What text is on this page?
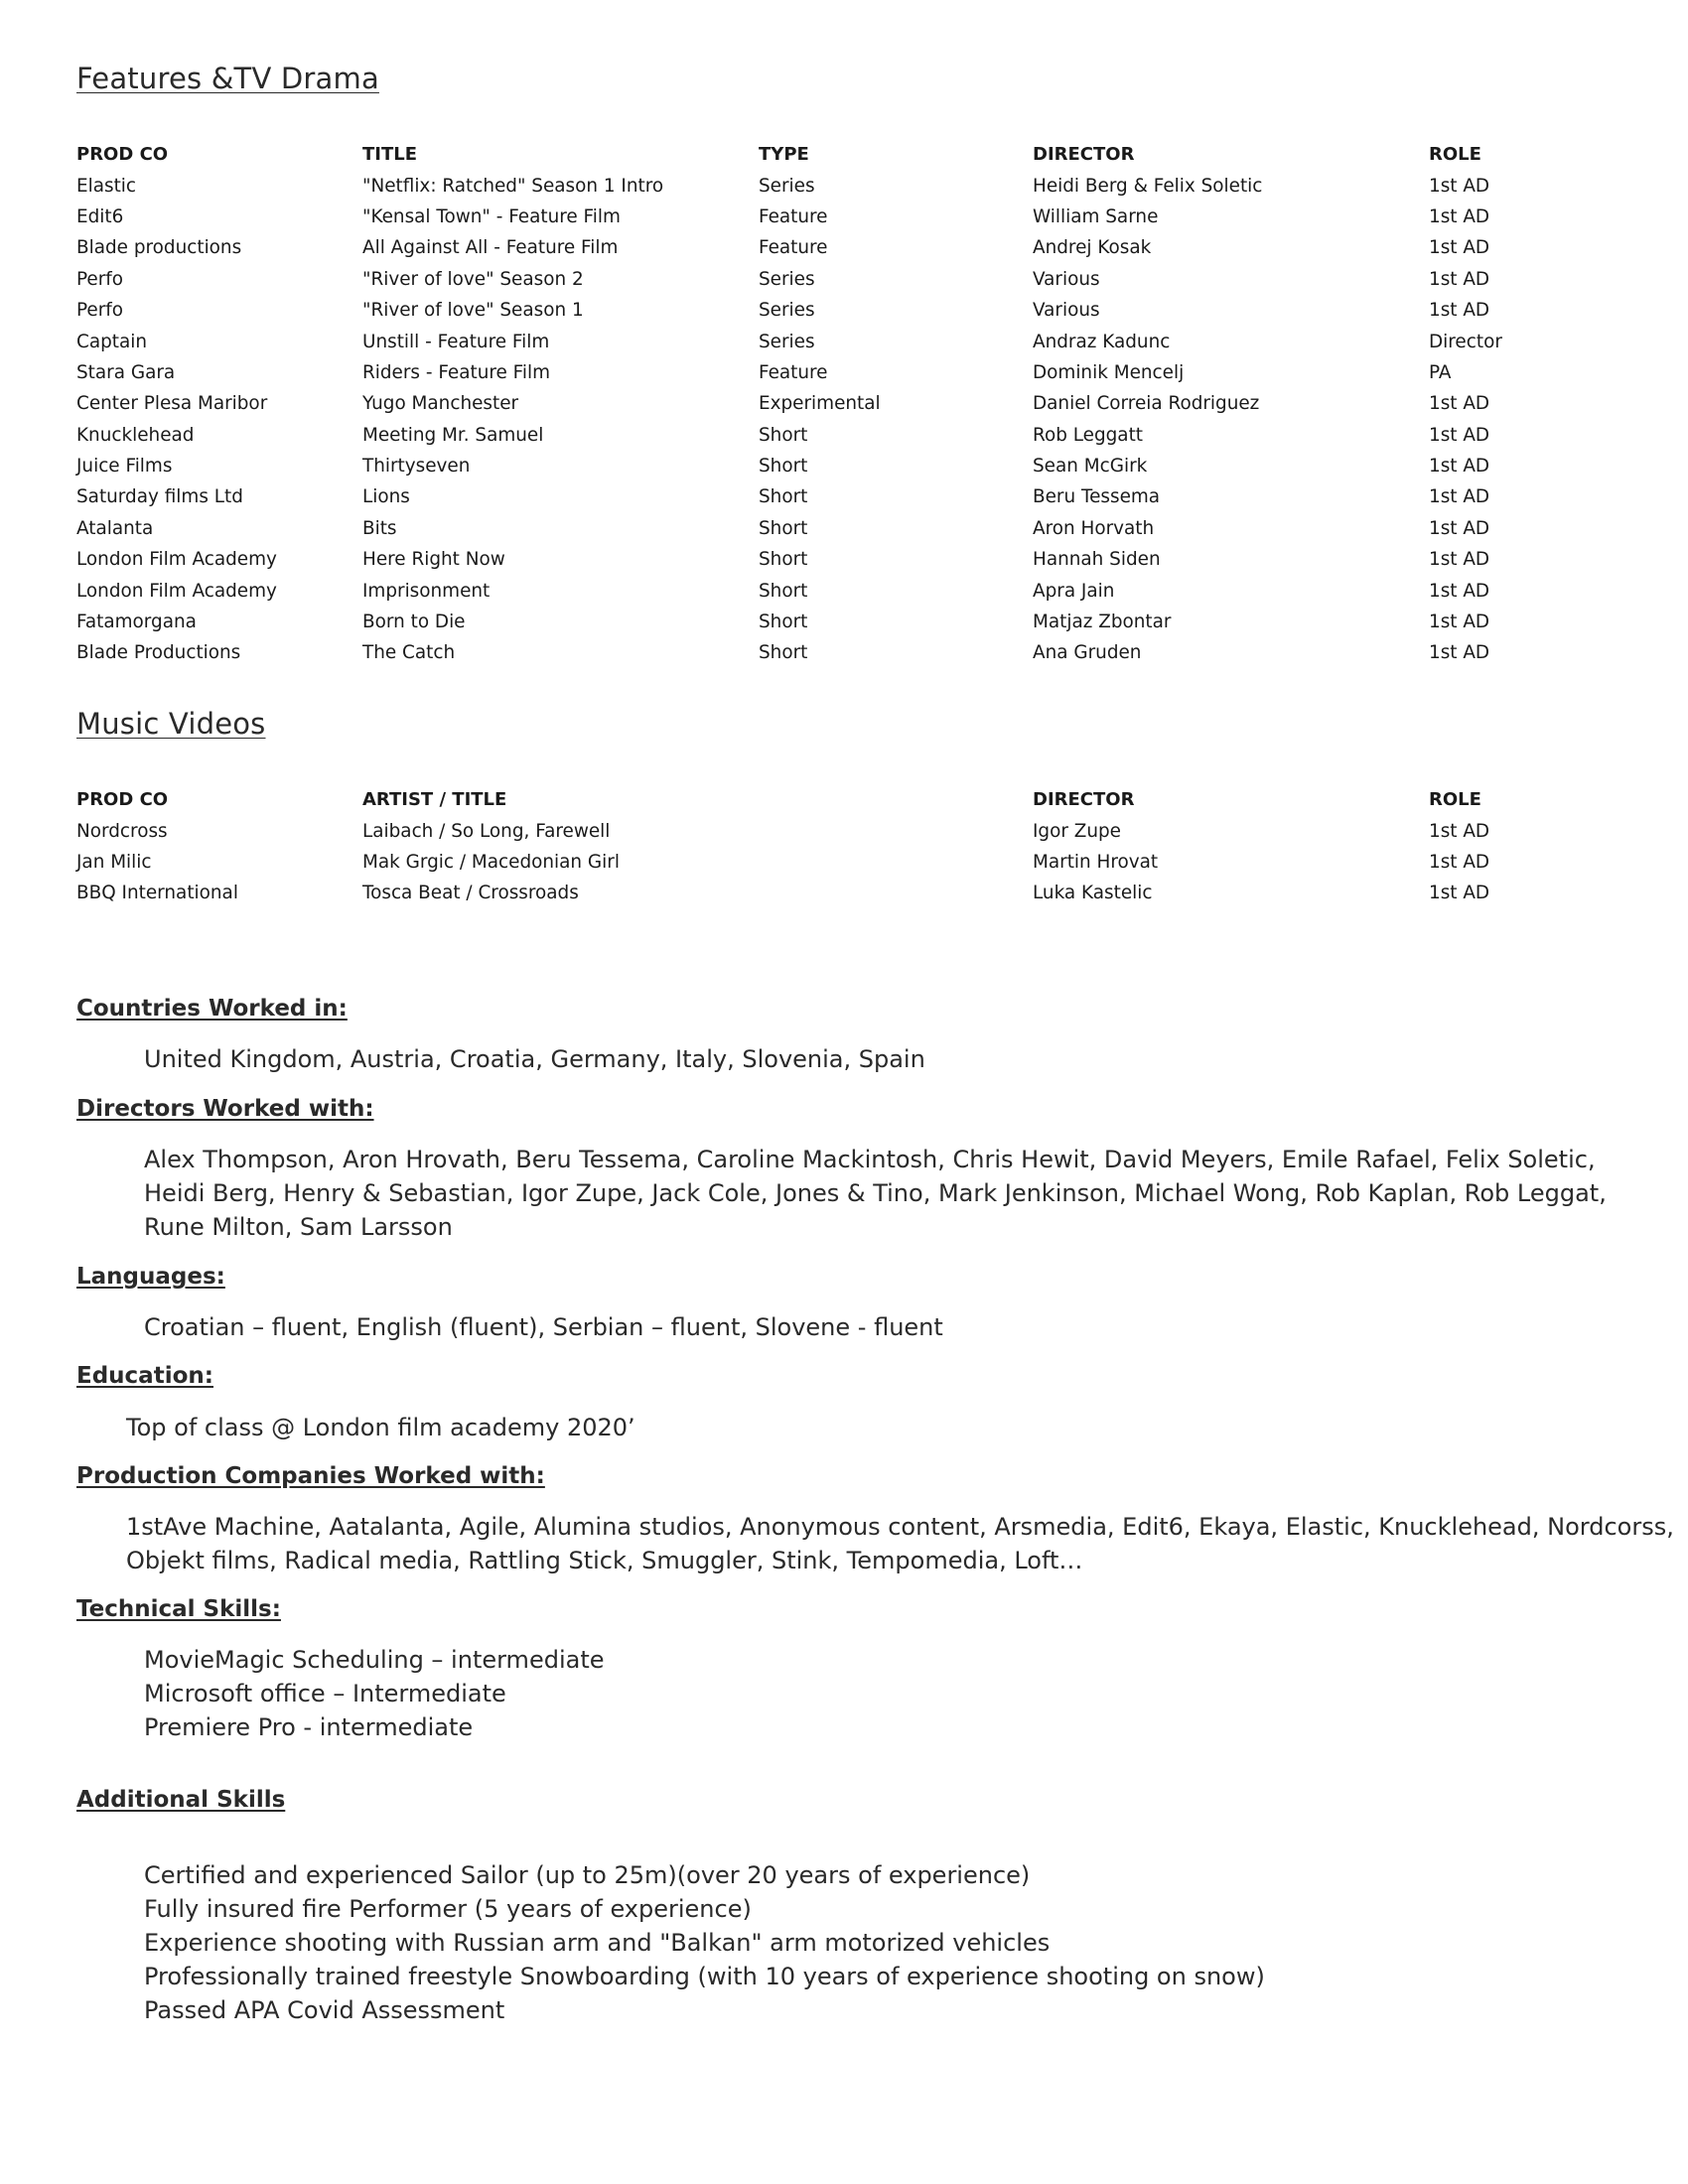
Features &TV Drama
PROD CO	TITLE	TYPE	DIRECTOR	ROLE
Elastic	"Netflix: Ratched" Season 1 Intro	Series	Heidi Berg & Felix Soletic	1st AD
Edit6	"Kensal Town" - Feature Film	Feature	William Sarne	1st AD
Blade productions	All Against All - Feature Film	Feature	Andrej Kosak	1st AD
Perfo	"River of love" Season 2	Series	Various	1st AD
Perfo	"River of love" Season 1	Series	Various	1st AD
Captain	Unstill - Feature Film	Series	Andraz Kadunc	Director
Stara Gara	Riders - Feature Film	Feature	Dominik Mencelj	PA
Center Plesa Maribor	Yugo Manchester	Experimental	Daniel Correia Rodriguez	1st AD
Knucklehead	Meeting Mr. Samuel	Short	Rob Leggatt	1st AD
Juice Films	Thirtyseven	Short	Sean McGirk	1st AD
Saturday films Ltd	Lions	Short	Beru Tessema	1st AD
Atalanta	Bits	Short	Aron Horvath	1st AD
London Film Academy	Here Right Now	Short	Hannah Siden	1st AD
London Film Academy	Imprisonment	Short	Apra Jain	1st AD
Fatamorgana	Born to Die	Short	Matjaz Zbontar	1st AD
Blade Productions	The Catch	Short	Ana Gruden	1st AD
Music Videos
PROD CO	ARTIST / TITLE		DIRECTOR	ROLE
Nordcross	Laibach / So Long, Farewell		Igor Zupe	1st AD
Jan Milic	Mak Grgic / Macedonian Girl		Martin Hrovat	1st AD
BBQ International	Tosca Beat / Crossroads		Luka Kastelic	1st AD
Countries Worked in:
United Kingdom, Austria, Croatia, Germany, Italy, Slovenia, Spain
Directors Worked with:
Alex Thompson, Aron Hrovath, Beru Tessema, Caroline Mackintosh, Chris Hewit, David Meyers, Emile Rafael, Felix Soletic,
Heidi Berg, Henry & Sebastian, Igor Zupe, Jack Cole, Jones & Tino, Mark Jenkinson, Michael Wong, Rob Kaplan, Rob Leggat,
Rune Milton, Sam Larsson
Languages:
Croatian – fluent, English (fluent), Serbian – fluent, Slovene - fluent
Education:
Top of class @ London film academy 2020’
Production Companies Worked with:
1stAve Machine, Aatalanta, Agile, Alumina studios, Anonymous content, Arsmedia, Edit6, Ekaya, Elastic, Knucklehead, Nordcorss,
Objekt films, Radical media, Rattling Stick, Smuggler, Stink, Tempomedia, Loft…
Technical Skills:
MovieMagic Scheduling – intermediate
Microsoft office – Intermediate
Premiere Pro - intermediate
Additional Skills
Certified and experienced Sailor (up to 25m)(over 20 years of experience)
Fully insured fire Performer (5 years of experience)
Experience shooting with Russian arm and "Balkan" arm motorized vehicles
Professionally trained freestyle Snowboarding (with 10 years of experience shooting on snow)
Passed APA Covid Assessment
